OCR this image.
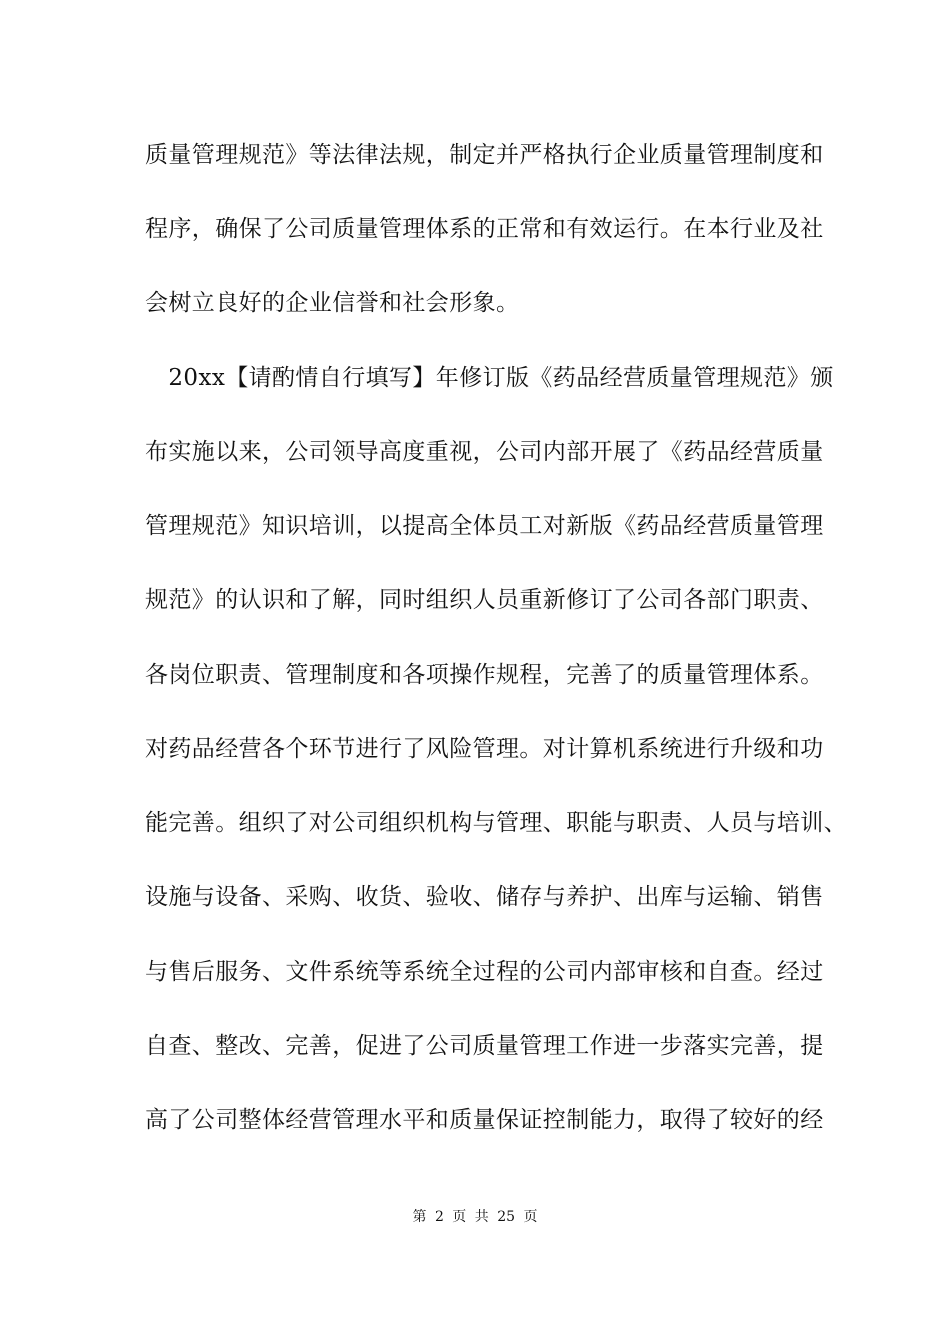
质量管理规范》等法律法规，制定并严格执行企业质量管理制度和
程序，确保了公司质量管理体系的正常和有效运行。在本行业及社
会树立良好的企业信誉和社会形象。
　20xx【请酌情自行填写】年修订版《药品经营质量管理规范》颁
布实施以来，公司领导高度重视，公司内部开展了《药品经营质量
管理规范》知识培训，以提高全体员工对新版《药品经营质量管理
规范》的认识和了解，同时组织人员重新修订了公司各部门职责、
各岗位职责、管理制度和各项操作规程，完善了的质量管理体系。
对药品经营各个环节进行了风险管理。对计算机系统进行升级和功
能完善。组织了对公司组织机构与管理、职能与职责、人员与培训、
设施与设备、采购、收货、验收、储存与养护、出库与运输、销售
与售后服务、文件系统等系统全过程的公司内部审核和自查。经过
自查、整改、完善，促进了公司质量管理工作进一步落实完善，提
高了公司整体经营管理水平和质量保证控制能力，取得了较好的经
第 2 页 共 25 页
